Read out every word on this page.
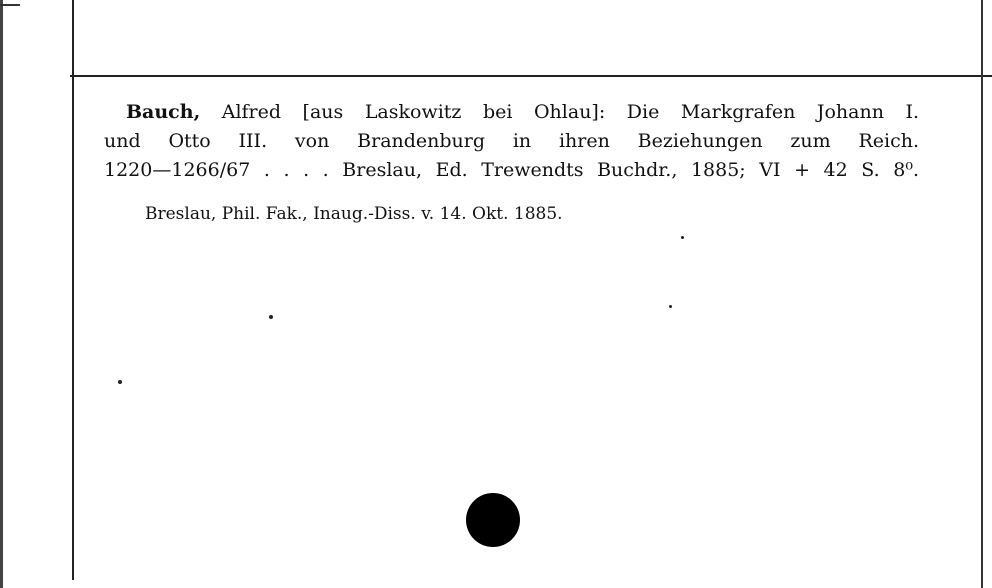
Bauch, Alfred [aus Laskowitz bei Ohlau]: Die Markgrafen Johann I.
und Otto III. von Brandenburg in ihren Beziehungen zum Reich.
1220—1266/67 . . . . Breslau, Ed. Trewendts Buchdr., 1885; VI + 42 S. 8⁰.
Breslau, Phil. Fak., Inaug.-Diss. v. 14. Okt. 1885.
